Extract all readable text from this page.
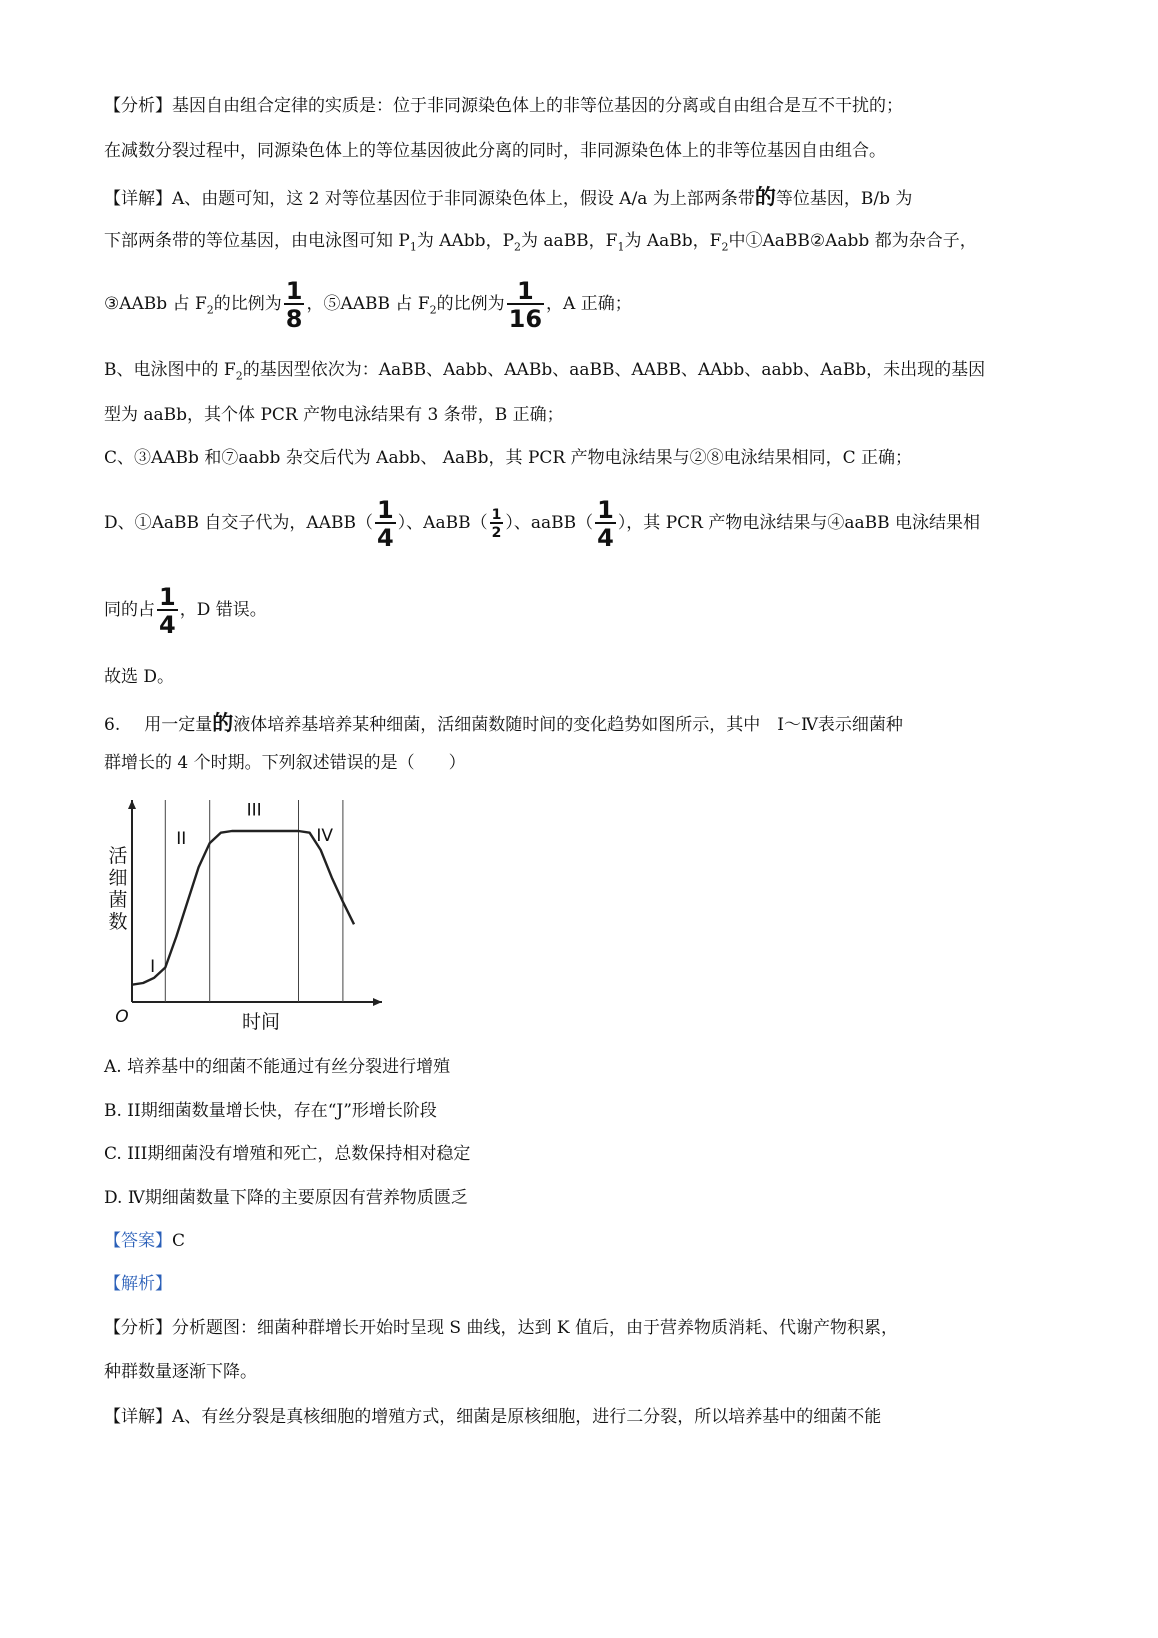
【分析】基因自由组合定律的实质是：位于非同源染色体上的非等位基因的分离或自由组合是互不干扰的；
在减数分裂过程中，同源染色体上的等位基因彼此分离的同时，非同源染色体上的非等位基因自由组合。
【详解】A、由题可知，这 2 对等位基因位于非同源染色体上，假设 A/a 为上部两条带的等位基因，B/b 为
下部两条带的等位基因，由电泳图可知 $P_1$为 AAbb，$P_2$为 aaBB，$F_1$为 AaBb，$F_2$中①AaBB②Aabb 都为杂合子，
③AABb 占 $F_2$的比例为 $\frac{1}{8}$ ，⑤AABB 占 $F_2$的比例为 $\frac{1}{16}$ ，A 正确；
B、电泳图中的 $F_2$的基因型依次为：AaBB、Aabb、AABb、aaBB、AABB、AAbb、aabb、AaBb，未出现的基因
型为 aaBb，其个体 PCR 产物电泳结果有 3 条带，B 正确；
C、③AABb 和⑦aabb 杂交后代为 Aabb、 AaBb，其 PCR 产物电泳结果与②⑧电泳结果相同，C 正确；
D、①AaBB 自交子代为，AABB（ $\frac{1}{4}$ ）、AaBB（ $\frac{1}{2}$ ）、aaBB（ $\frac{1}{4}$ ），其 PCR 产物电泳结果与④aaBB 电泳结果相
同的占 $\frac{1}{4}$ ，D 错误。
故选 D。
6. 用一定量的液体培养基培养某种细菌，活细菌数随时间的变化趋势如图所示，其中　Ⅰ～Ⅳ表示细菌种
群增长的 4 个时期。下列叙述错误的是（　　）
I
II
III
IV
活
细
菌
数
时间
O
A. 培养基中的细菌不能通过有丝分裂进行增殖
B. II期细菌数量增长快，存在“J”形增长阶段
C. III期细菌没有增殖和死亡，总数保持相对稳定
D. Ⅳ期细菌数量下降的主要原因有营养物质匮乏
【答案】C
【解析】
【分析】分析题图：细菌种群增长开始时呈现 S 曲线，达到 K 值后，由于营养物质消耗、代谢产物积累，
种群数量逐渐下降。
【详解】A、有丝分裂是真核细胞的增殖方式，细菌是原核细胞，进行二分裂，所以培养基中的细菌不能
